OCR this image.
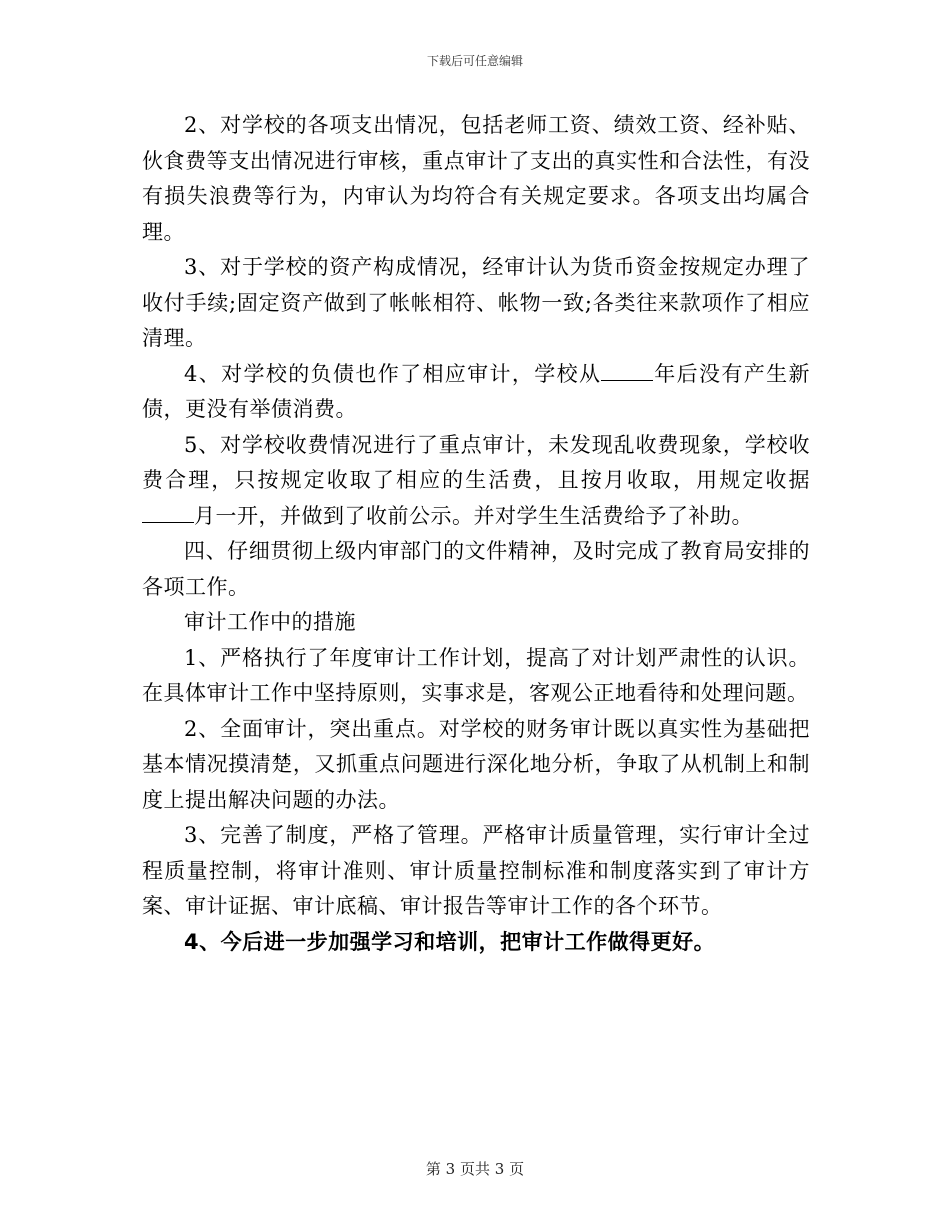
下载后可任意编辑

2、对学校的各项支出情况，包括老师工资、绩效工资、经补贴、伙食费等支出情况进行审核，重点审计了支出的真实性和合法性，有没有损失浪费等行为，内审认为均符合有关规定要求。各项支出均属合理。

3、对于学校的资产构成情况，经审计认为货币资金按规定办理了收付手续;固定资产做到了帐帐相符、帐物一致;各类往来款项作了相应清理。

4、对学校的负债也作了相应审计，学校从 年后没有产生新债，更没有举债消费。

5、对学校收费情况进行了重点审计，未发现乱收费现象，学校收费合理，只按规定收取了相应的生活费，且按月收取，用规定收据月一开，并做到了收前公示。并对学生生活费给予了补助。

四、仔细贯彻上级内审部门的文件精神，及时完成了教育局安排的各项工作。

审计工作中的措施

1、严格执行了年度审计工作计划，提高了对计划严肃性的认识。在具体审计工作中坚持原则，实事求是，客观公正地看待和处理问题。

2、全面审计，突出重点。对学校的财务审计既以真实性为基础把基本情况摸清楚，又抓重点问题进行深化地分析，争取了从机制上和制度上提出解决问题的办法。

3、完善了制度，严格了管理。严格审计质量管理，实行审计全过程质量控制，将审计准则、审计质量控制标准和制度落实到了审计方案、审计证据、审计底稿、审计报告等审计工作的各个环节。

4、今后进一步加强学习和培训，把审计工作做得更好。

第 3 页共 3 页
